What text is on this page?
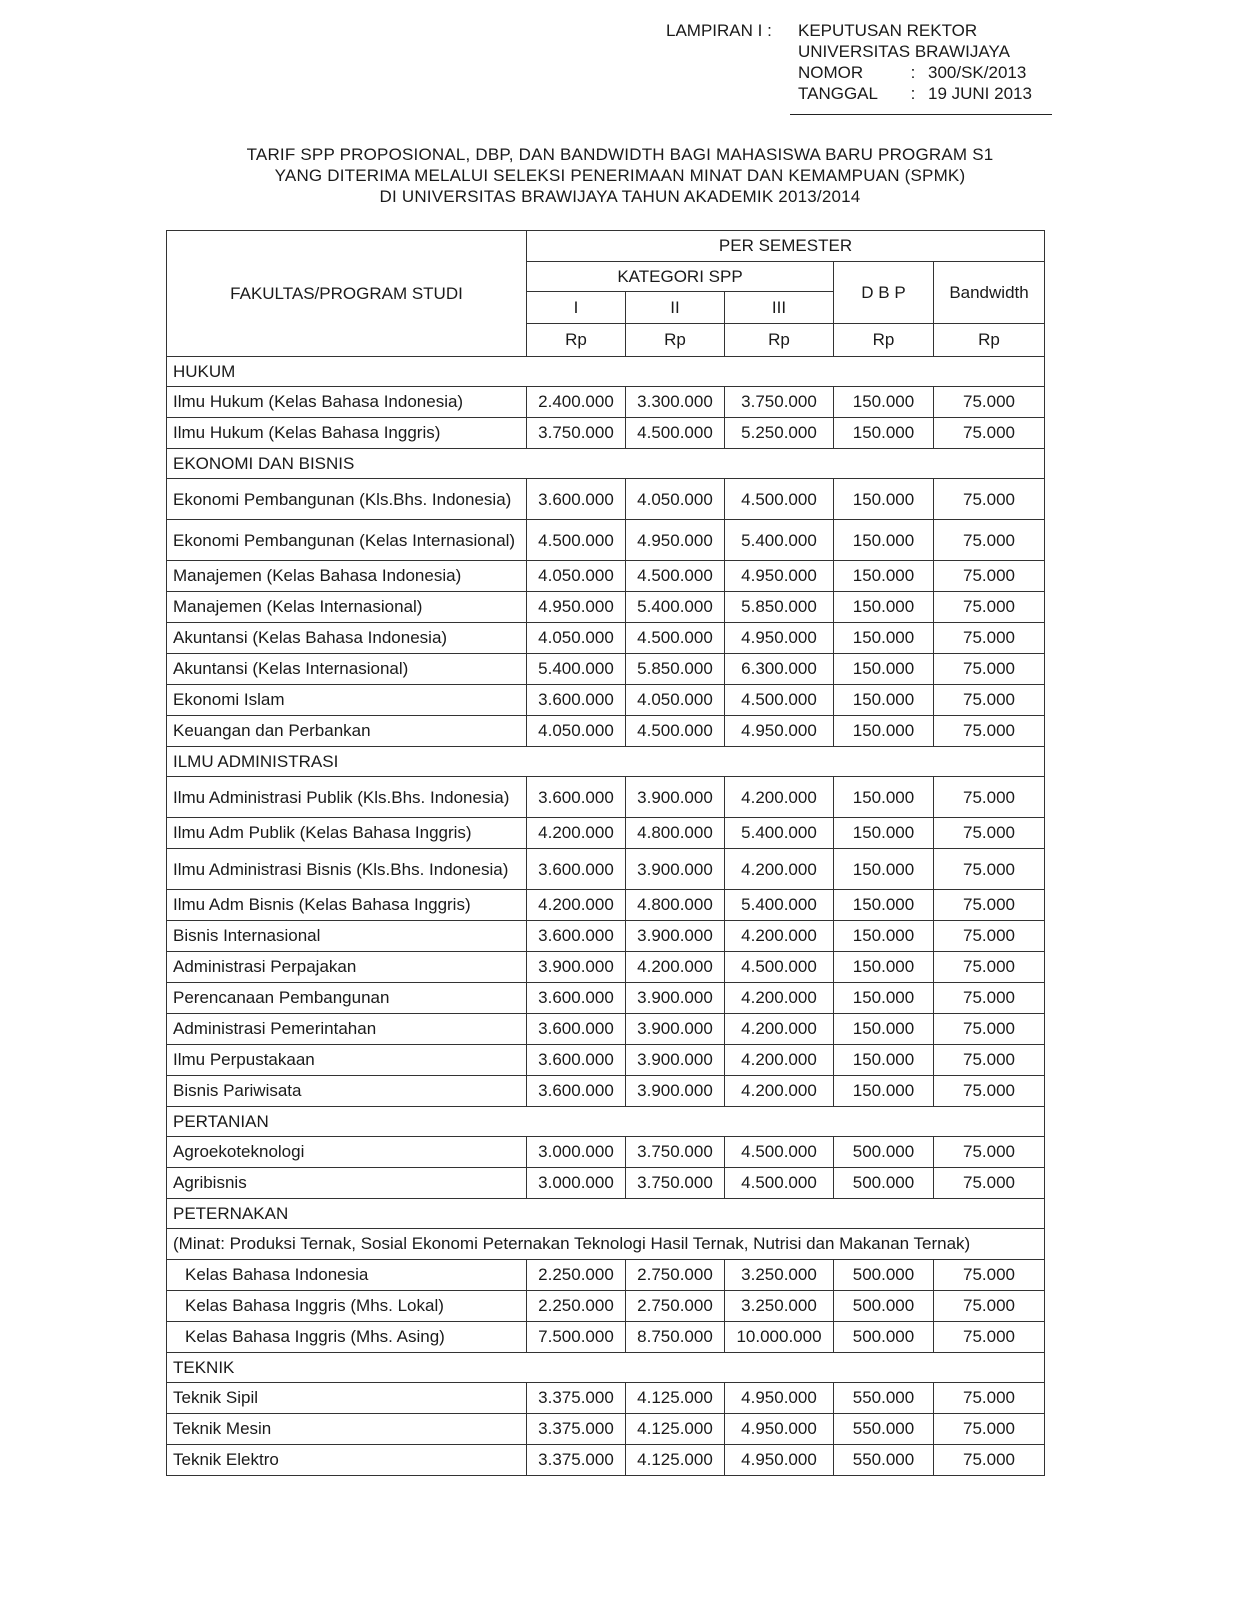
LAMPIRAN I :	KEPUTUSAN REKTOR
UNIVERSITAS BRAWIJAYA
NOMOR	: 300/SK/2013
TANGGAL	: 19 JUNI 2013
TARIF SPP PROPOSIONAL, DBP, DAN BANDWIDTH BAGI MAHASISWA BARU PROGRAM S1
YANG DITERIMA MELALUI SELEKSI PENERIMAAN MINAT DAN KEMAMPUAN (SPMK)
DI UNIVERSITAS BRAWIJAYA TAHUN AKADEMIK 2013/2014
FAKULTAS/PROGRAM STUDI	PER SEMESTER				
	KATEGORI SPP			D B P	Bandwidth
	I	II	III		
	Rp	Rp	Rp	Rp	Rp
HUKUM					
Ilmu Hukum (Kelas Bahasa Indonesia)	2.400.000	3.300.000	3.750.000	150.000	75.000
Ilmu Hukum (Kelas Bahasa Inggris)	3.750.000	4.500.000	5.250.000	150.000	75.000
EKONOMI DAN BISNIS					
Ekonomi Pembangunan (Kls.Bhs. Indonesia)	3.600.000	4.050.000	4.500.000	150.000	75.000
Ekonomi Pembangunan (Kelas Internasional)	4.500.000	4.950.000	5.400.000	150.000	75.000
Manajemen (Kelas Bahasa Indonesia)	4.050.000	4.500.000	4.950.000	150.000	75.000
Manajemen (Kelas Internasional)	4.950.000	5.400.000	5.850.000	150.000	75.000
Akuntansi (Kelas Bahasa Indonesia)	4.050.000	4.500.000	4.950.000	150.000	75.000
Akuntansi (Kelas Internasional)	5.400.000	5.850.000	6.300.000	150.000	75.000
Ekonomi Islam	3.600.000	4.050.000	4.500.000	150.000	75.000
Keuangan dan Perbankan	4.050.000	4.500.000	4.950.000	150.000	75.000
ILMU ADMINISTRASI					
Ilmu Administrasi Publik (Kls.Bhs. Indonesia)	3.600.000	3.900.000	4.200.000	150.000	75.000
Ilmu Adm Publik (Kelas Bahasa Inggris)	4.200.000	4.800.000	5.400.000	150.000	75.000
Ilmu Administrasi Bisnis (Kls.Bhs. Indonesia)	3.600.000	3.900.000	4.200.000	150.000	75.000
Ilmu Adm Bisnis (Kelas Bahasa Inggris)	4.200.000	4.800.000	5.400.000	150.000	75.000
Bisnis Internasional	3.600.000	3.900.000	4.200.000	150.000	75.000
Administrasi Perpajakan	3.900.000	4.200.000	4.500.000	150.000	75.000
Perencanaan Pembangunan	3.600.000	3.900.000	4.200.000	150.000	75.000
Administrasi Pemerintahan	3.600.000	3.900.000	4.200.000	150.000	75.000
Ilmu Perpustakaan	3.600.000	3.900.000	4.200.000	150.000	75.000
Bisnis Pariwisata	3.600.000	3.900.000	4.200.000	150.000	75.000
PERTANIAN					
Agroekoteknologi	3.000.000	3.750.000	4.500.000	500.000	75.000
Agribisnis	3.000.000	3.750.000	4.500.000	500.000	75.000
PETERNAKAN					
(Minat: Produksi Ternak, Sosial Ekonomi Peternakan Teknologi Hasil Ternak, Nutrisi dan Makanan Ternak)					
Kelas Bahasa Indonesia	2.250.000	2.750.000	3.250.000	500.000	75.000
Kelas Bahasa Inggris (Mhs. Lokal)	2.250.000	2.750.000	3.250.000	500.000	75.000
Kelas Bahasa Inggris (Mhs. Asing)	7.500.000	8.750.000	10.000.000	500.000	75.000
TEKNIK					
Teknik Sipil	3.375.000	4.125.000	4.950.000	550.000	75.000
Teknik Mesin	3.375.000	4.125.000	4.950.000	550.000	75.000
Teknik Elektro	3.375.000	4.125.000	4.950.000	550.000	75.000
